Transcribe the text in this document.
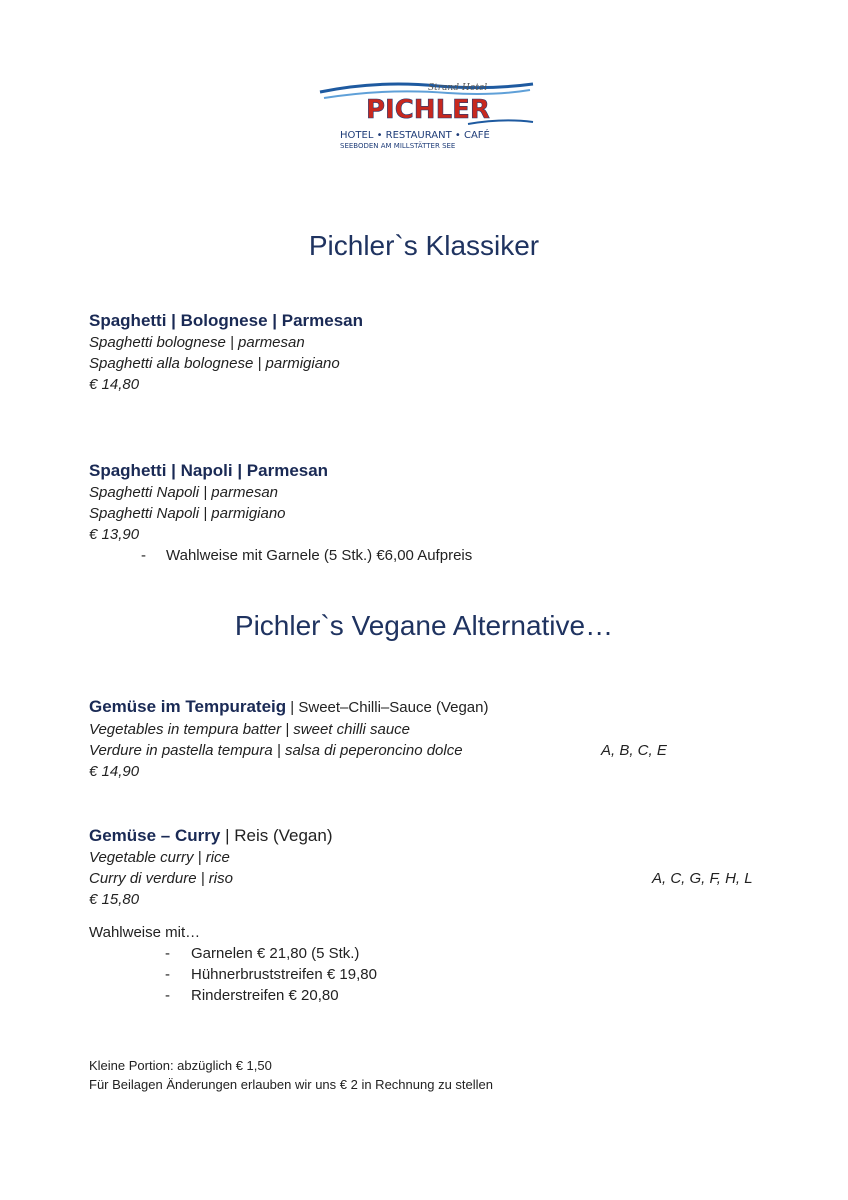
Strand-Hotel
PICHLER
HOTEL • RESTAURANT • CAFÉ
SEEBODEN AM MILLSTÄTTER SEE
Pichler`s Klassiker
Spaghetti | Bolognese | Parmesan
Spaghetti bolognese | parmesan
Spaghetti alla bolognese | parmigiano
€ 14,80
Spaghetti | Napoli | Parmesan
Spaghetti Napoli | parmesan
Spaghetti Napoli | parmigiano
€ 13,90
- Wahlweise mit Garnele (5 Stk.) €6,00 Aufpreis
Pichler`s Vegane Alternative…
Gemüse im Tempurateig | Sweet–Chilli–Sauce (Vegan)
Vegetables in tempura batter | sweet chilli sauce
Verdure in pastella tempura | salsa di peperoncino dolce	A, B, C, E
€ 14,90
Gemüse – Curry | Reis (Vegan)
Vegetable curry | rice
Curry di verdure | riso	A, C, G, F, H, L
€ 15,80
Wahlweise mit…
- Garnelen € 21,80 (5 Stk.)
- Hühnerbruststreifen € 19,80
- Rinderstreifen € 20,80
Kleine Portion: abzüglich € 1,50
Für Beilagen Änderungen erlauben wir uns € 2 in Rechnung zu stellen
